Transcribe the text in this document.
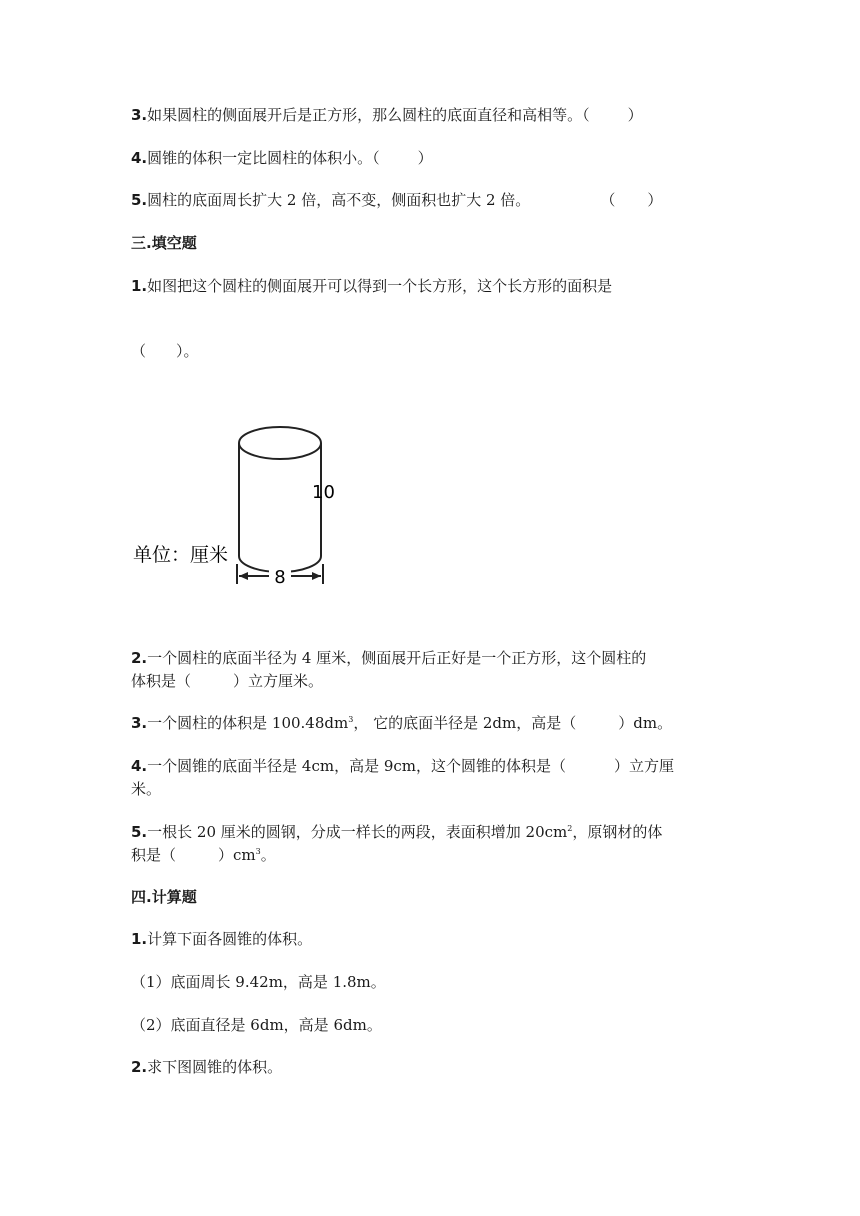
3.如果圆柱的侧面展开后是正方形，那么圆柱的底面直径和高相等。（	）
4.圆锥的体积一定比圆柱的体积小。（	）
5.圆柱的底面周长扩大 2 倍，高不变，侧面积也扩大 2 倍。	（ ）
三.填空题
1.如图把这个圆柱的侧面展开可以得到一个长方形，这个长方形的面积是
（　　）。
8
10
单位：厘米
2.一个圆柱的底面半径为 4 厘米，侧面展开后正好是一个正方形，这个圆柱的
体积是（	）立方厘米。
3.一个圆柱的体积是 $100.48dm^3$， 它的底面半径是 2dm，高是（	）dm。
4.一个圆锥的底面半径是 4cm，高是 9cm，这个圆锥的体积是（	）立方厘
米。
5.一根长 20 厘米的圆钢，分成一样长的两段，表面积增加 $20cm^2$，原钢材的体
积是（	）$cm^3$。
四.计算题
1.计算下面各圆锥的体积。
（1）底面周长 9.42m，高是 1.8m。
（2）底面直径是 6dm，高是 6dm。
2.求下图圆锥的体积。
